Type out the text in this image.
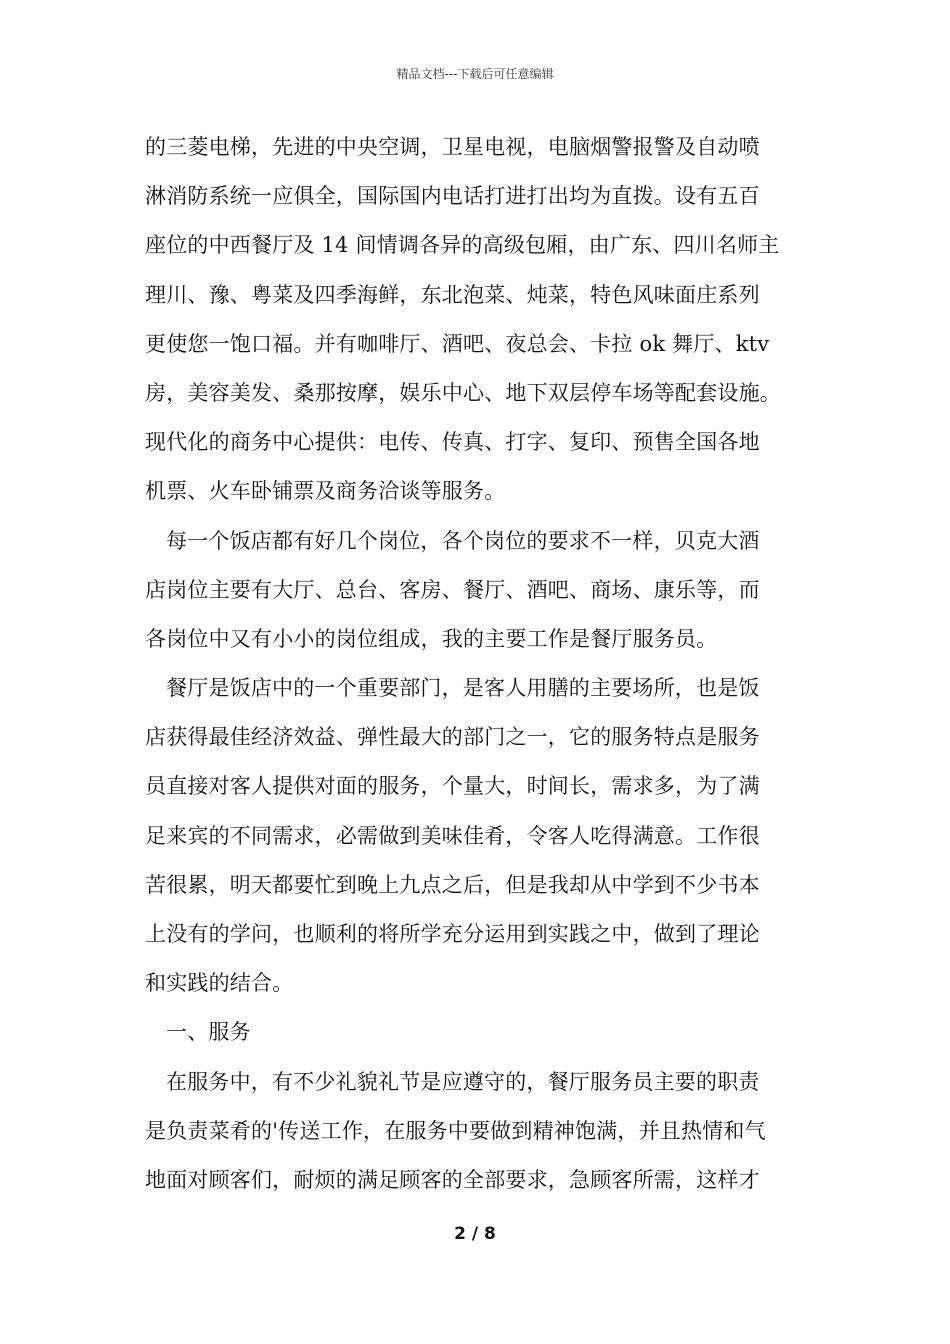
精品文档---下载后可任意编辑
的三菱电梯，先进的中央空调，卫星电视，电脑烟警报警及自动喷
淋消防系统一应俱全，国际国内电话打进打出均为直拨。设有五百
座位的中西餐厅及 14 间情调各异的高级包厢，由广东、四川名师主
理川、豫、粤菜及四季海鲜，东北泡菜、炖菜，特色风味面庄系列
更使您一饱口福。并有咖啡厅、酒吧、夜总会、卡拉 ok 舞厅、ktv
房，美容美发、桑那按摩，娱乐中心、地下双层停车场等配套设施。
现代化的商务中心提供：电传、传真、打字、复印、预售全国各地
机票、火车卧铺票及商务洽谈等服务。
每一个饭店都有好几个岗位，各个岗位的要求不一样，贝克大酒
店岗位主要有大厅、总台、客房、餐厅、酒吧、商场、康乐等，而
各岗位中又有小小的岗位组成，我的主要工作是餐厅服务员。
餐厅是饭店中的一个重要部门，是客人用膳的主要场所，也是饭
店获得最佳经济效益、弹性最大的部门之一，它的服务特点是服务
员直接对客人提供对面的服务，个量大，时间长，需求多，为了满
足来宾的不同需求，必需做到美味佳肴，令客人吃得满意。工作很
苦很累，明天都要忙到晚上九点之后，但是我却从中学到不少书本
上没有的学问，也顺利的将所学充分运用到实践之中，做到了理论
和实践的结合。
一、服务
在服务中，有不少礼貌礼节是应遵守的，餐厅服务员主要的职责
是负责菜肴的'传送工作，在服务中要做到精神饱满，并且热情和气
地面对顾客们，耐烦的满足顾客的全部要求，急顾客所需，这样才
2 / 8
